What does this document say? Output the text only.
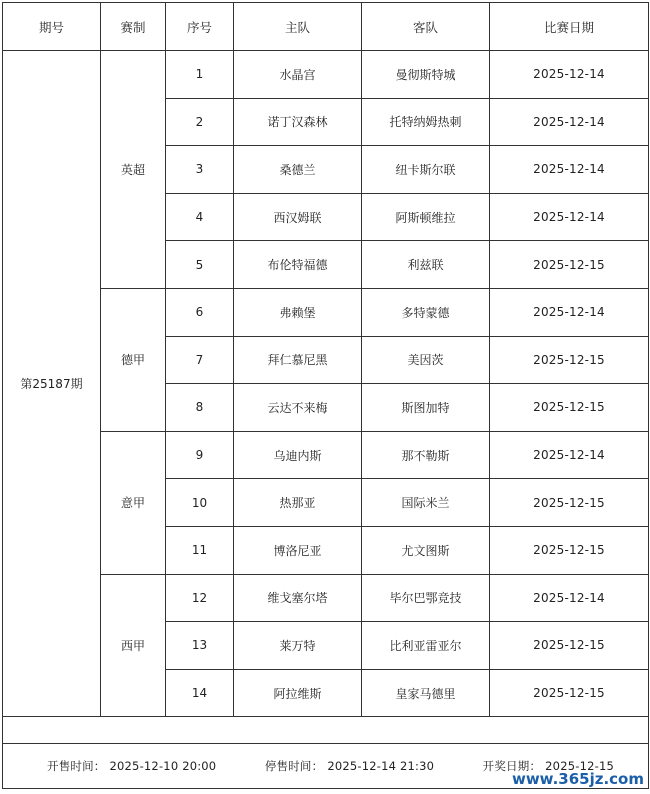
期号	赛制	序号	主队	客队	比赛日期
第25187期	英超	1	水晶宫	曼彻斯特城	2025-12-14
		2	诺丁汉森林	托特纳姆热刺	2025-12-14
		3	桑德兰	纽卡斯尔联	2025-12-14
		4	西汉姆联	阿斯顿维拉	2025-12-14
		5	布伦特福德	利兹联	2025-12-15
	德甲	6	弗赖堡	多特蒙德	2025-12-14
		7	拜仁慕尼黑	美因茨	2025-12-15
		8	云达不来梅	斯图加特	2025-12-15
	意甲	9	乌迪内斯	那不勒斯	2025-12-14
		10	热那亚	国际米兰	2025-12-15
		11	博洛尼亚	尤文图斯	2025-12-15
	西甲	12	维戈塞尔塔	毕尔巴鄂竞技	2025-12-14
		13	莱万特	比利亚雷亚尔	2025-12-15
		14	阿拉维斯	皇家马德里	2025-12-15

开售时间： 2025-12-10 20:00 停售时间： 2025-12-14 21:30 开奖日期： 2025-12-15					
www.365jz.com
